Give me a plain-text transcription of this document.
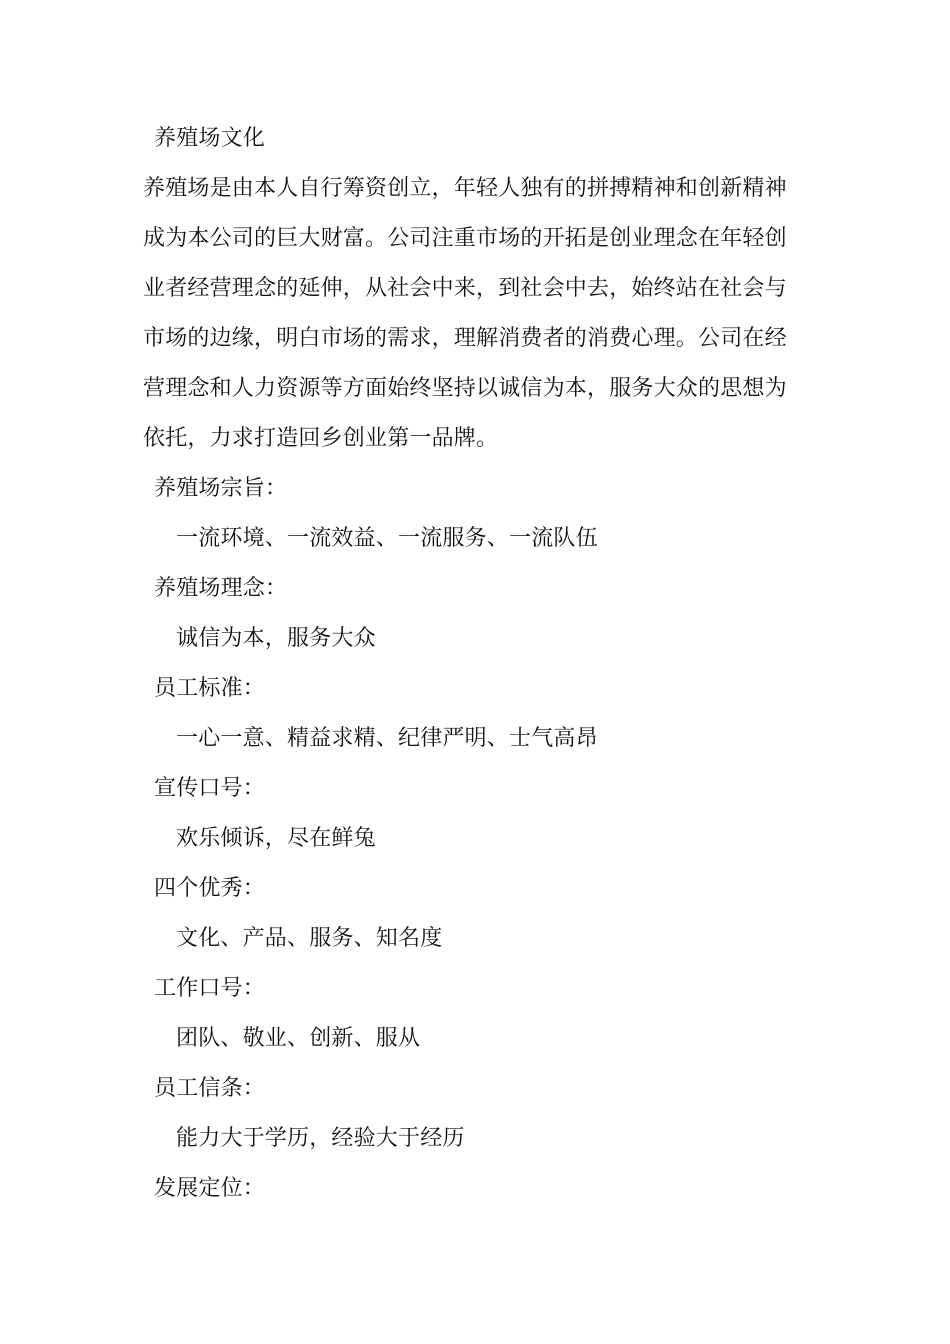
养殖场文化
养殖场是由本人自行筹资创立，年轻人独有的拼搏精神和创新精神
成为本公司的巨大财富。公司注重市场的开拓是创业理念在年轻创
业者经营理念的延伸，从社会中来，到社会中去，始终站在社会与
市场的边缘，明白市场的需求，理解消费者的消费心理。公司在经
营理念和人力资源等方面始终坚持以诚信为本，服务大众的思想为
依托，力求打造回乡创业第一品牌。
养殖场宗旨：
一流环境、一流效益、一流服务、一流队伍
养殖场理念：
诚信为本，服务大众
员工标准：
一心一意、精益求精、纪律严明、士气高昂
宣传口号：
欢乐倾诉，尽在鲜兔
四个优秀：
文化、产品、服务、知名度
工作口号：
团队、敬业、创新、服从
员工信条：
能力大于学历，经验大于经历
发展定位：
